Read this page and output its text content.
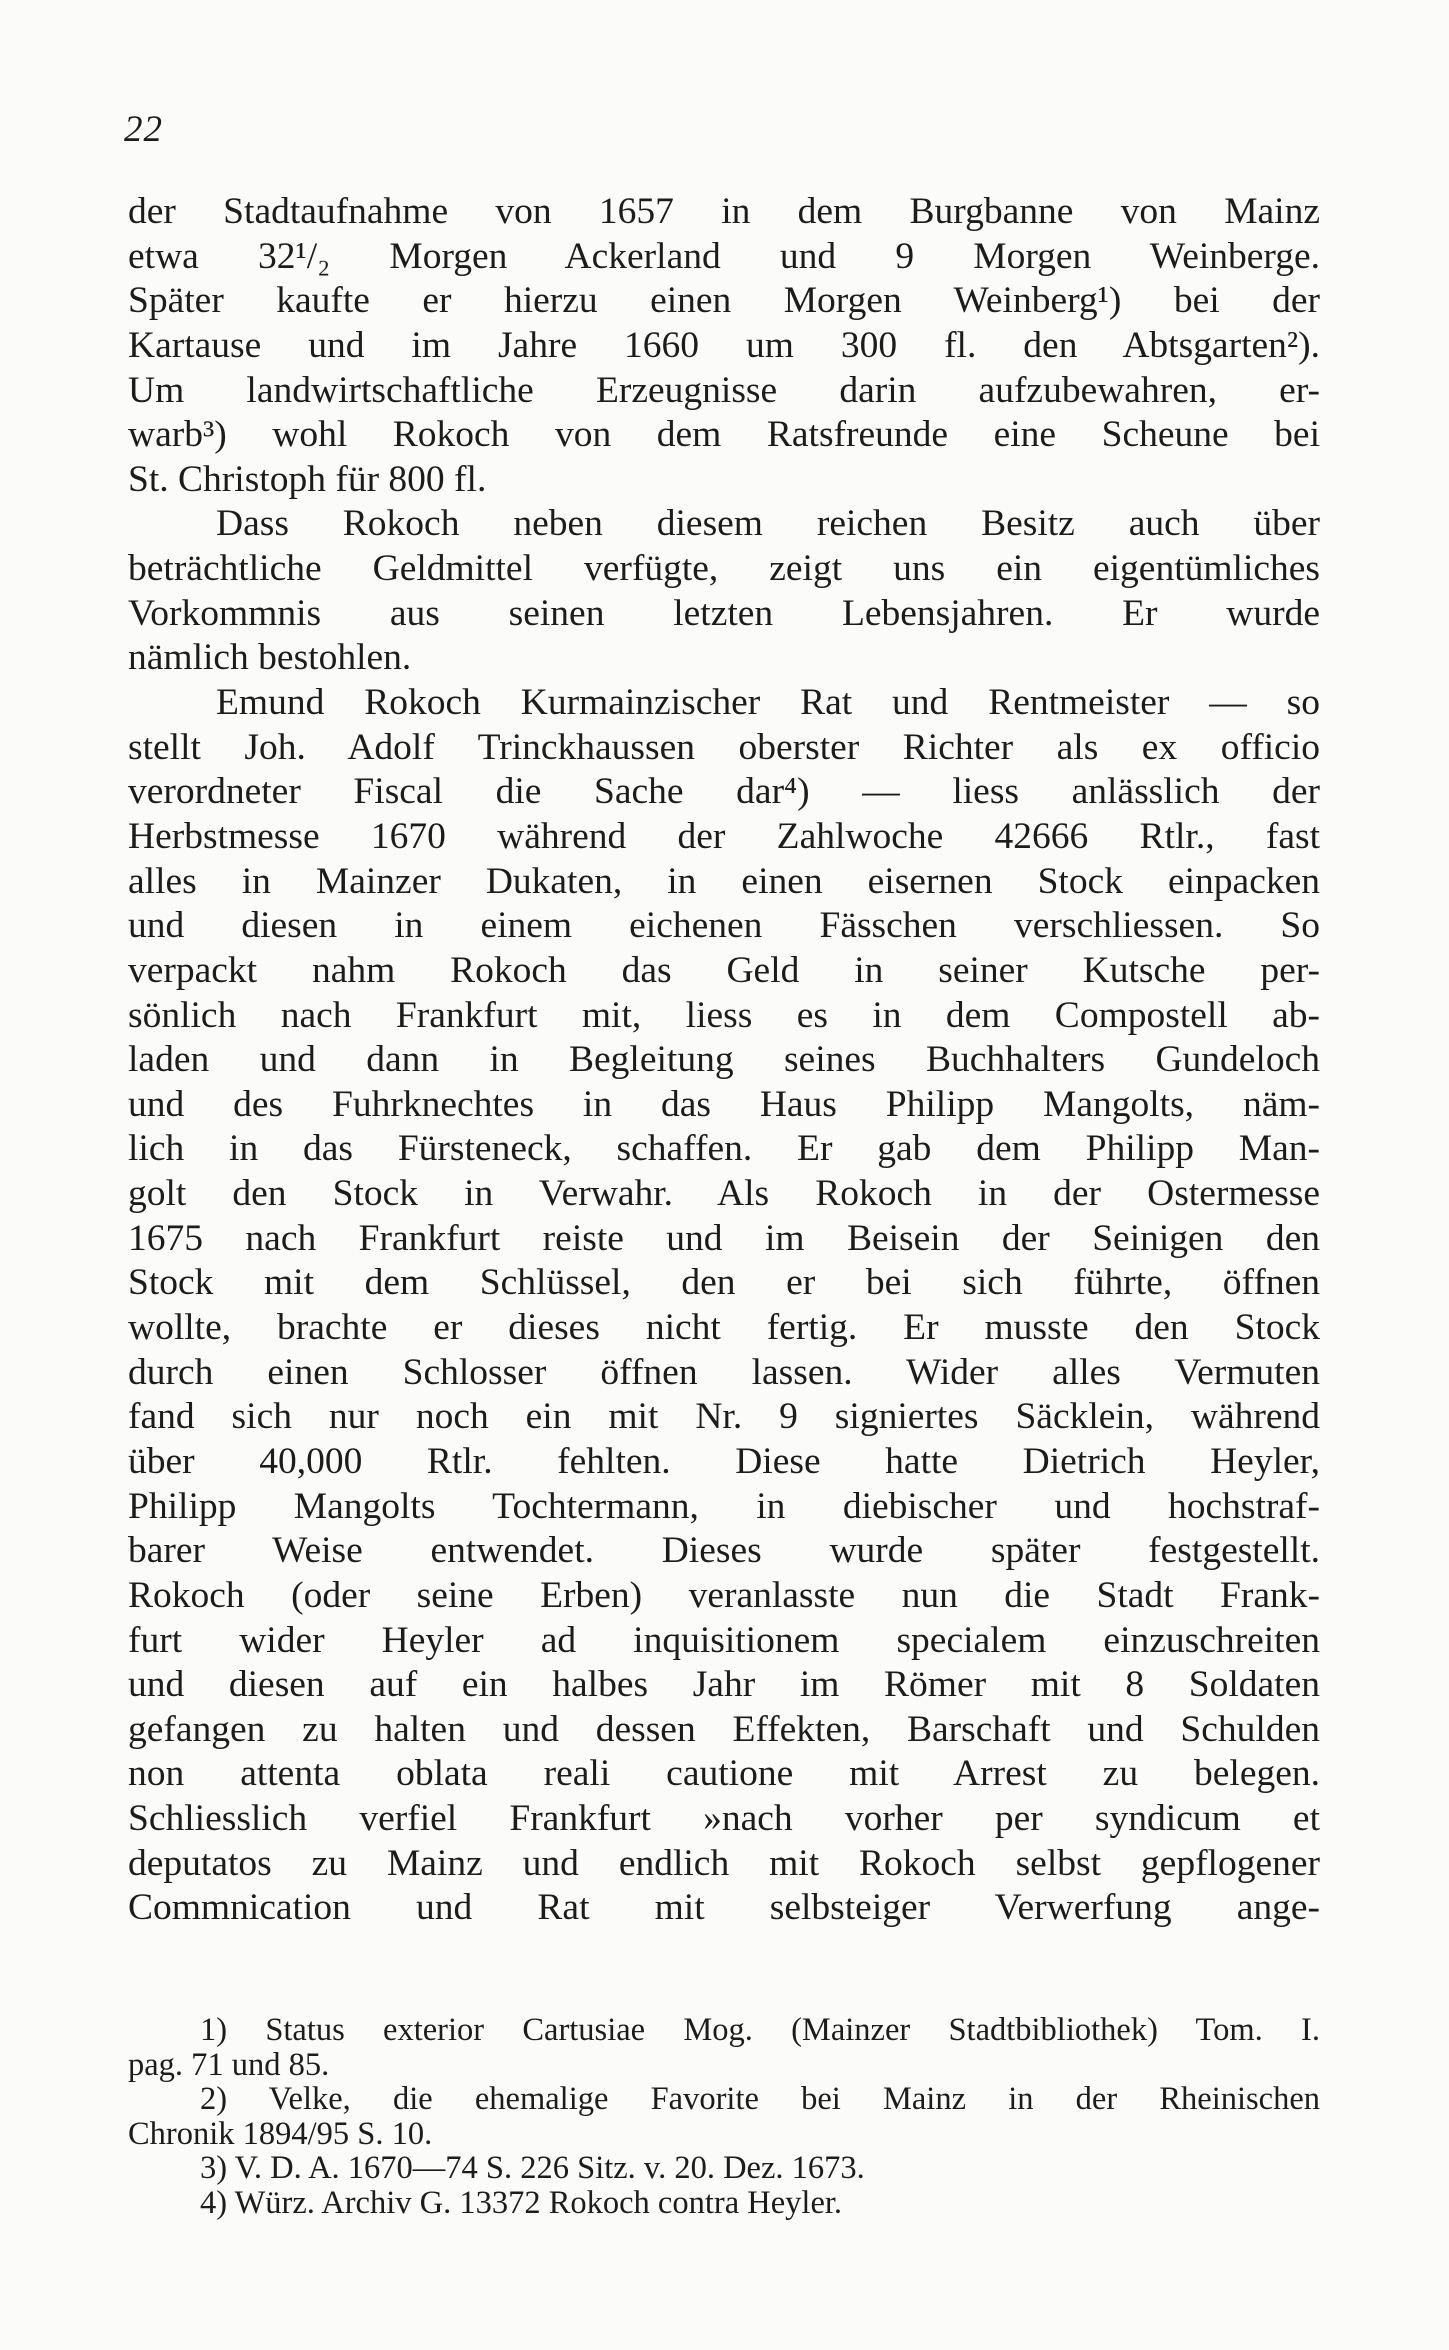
22
der Stadtaufnahme von 1657 in dem Burgbanne von Mainz
etwa 32¹/₂ Morgen Ackerland und 9 Morgen Weinberge.
Später kaufte er hierzu einen Morgen Weinberg¹) bei der
Kartause und im Jahre 1660 um 300 fl. den Abtsgarten²).
Um landwirtschaftliche Erzeugnisse darin aufzubewahren, er-
warb³) wohl Rokoch von dem Ratsfreunde eine Scheune bei
St. Christoph für 800 fl.
Dass Rokoch neben diesem reichen Besitz auch über
beträchtliche Geldmittel verfügte, zeigt uns ein eigentümliches
Vorkommnis aus seinen letzten Lebensjahren. Er wurde
nämlich bestohlen.
Emund Rokoch Kurmainzischer Rat und Rentmeister — so
stellt Joh. Adolf Trinckhaussen oberster Richter als ex officio
verordneter Fiscal die Sache dar⁴) — liess anlässlich der
Herbstmesse 1670 während der Zahlwoche 42666 Rtlr., fast
alles in Mainzer Dukaten, in einen eisernen Stock einpacken
und diesen in einem eichenen Fässchen verschliessen. So
verpackt nahm Rokoch das Geld in seiner Kutsche per-
sönlich nach Frankfurt mit, liess es in dem Compostell ab-
laden und dann in Begleitung seines Buchhalters Gundeloch
und des Fuhrknechtes in das Haus Philipp Mangolts, näm-
lich in das Fürsteneck, schaffen. Er gab dem Philipp Man-
golt den Stock in Verwahr. Als Rokoch in der Ostermesse
1675 nach Frankfurt reiste und im Beisein der Seinigen den
Stock mit dem Schlüssel, den er bei sich führte, öffnen
wollte, brachte er dieses nicht fertig. Er musste den Stock
durch einen Schlosser öffnen lassen. Wider alles Vermuten
fand sich nur noch ein mit Nr. 9 signiertes Säcklein, während
über 40,000 Rtlr. fehlten. Diese hatte Dietrich Heyler,
Philipp Mangolts Tochtermann, in diebischer und hochstraf-
barer Weise entwendet. Dieses wurde später festgestellt.
Rokoch (oder seine Erben) veranlasste nun die Stadt Frank-
furt wider Heyler ad inquisitionem specialem einzuschreiten
und diesen auf ein halbes Jahr im Römer mit 8 Soldaten
gefangen zu halten und dessen Effekten, Barschaft und Schulden
non attenta oblata reali cautione mit Arrest zu belegen.
Schliesslich verfiel Frankfurt »nach vorher per syndicum et
deputatos zu Mainz und endlich mit Rokoch selbst gepflogener
Commnication und Rat mit selbsteiger Verwerfung ange-
1) Status exterior Cartusiae Mog. (Mainzer Stadtbibliothek) Tom. I.
pag. 71 und 85.
2) Velke, die ehemalige Favorite bei Mainz in der Rheinischen
Chronik 1894/95 S. 10.
3) V. D. A. 1670—74 S. 226 Sitz. v. 20. Dez. 1673.
4) Würz. Archiv G. 13372 Rokoch contra Heyler.
